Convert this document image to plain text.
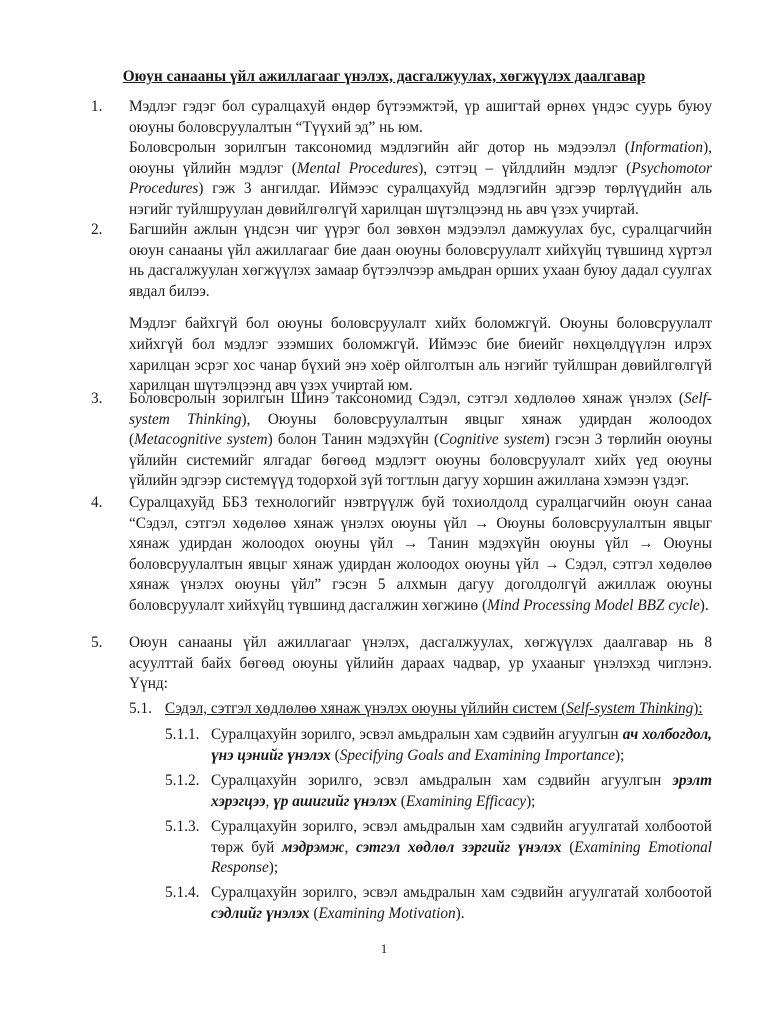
Оюун санааны үйл ажиллагааг үнэлэх, дасгалжуулах, хөгжүүлэх даалгавар
1. Мэдлэг гэдэг бол суралцахуй өндөр бүтээмжтэй, үр ашигтай өрнөх үндэс суурь буюу оюуны боловсруулалтын “Түүхий эд” нь юм.

Боловсролын зорилгын таксономид мэдлэгийн айг дотор нь мэдээлэл (Information), оюуны үйлийн мэдлэг (Mental Procedures), сэтгэц – үйлдлийн мэдлэг (Psychomotor Procedures) гэж 3 ангилдаг. Иймээс суралцахуйд мэдлэгийн эдгээр төрлүүдийн аль нэгийг туйлшруулан дөвийлгөлгүй харилцан шүтэлцээнд нь авч үзэх учиртай.

2. Багшийн ажлын үндсэн чиг үүрэг бол зөвхөн мэдээлэл дамжуулах бус, суралцагчийн оюун санааны үйл ажиллагааг бие даан оюуны боловсруулалт хийхүйц түвшинд хүртэл нь дасгалжуулан хөгжүүлэх замаар бүтээлчээр амьдран орших ухаан буюу дадал суулгах явдал билээ.

Мэдлэг байхгүй бол оюуны боловсруулалт хийх боломжгүй. Оюуны боловсруулалт хийхгүй бол мэдлэг эзэмших боломжгүй. Иймээс бие биеийг нөхцөлдүүлэн илрэх харилцан эсрэг хос чанар бүхий энэ хоёр ойлголтын аль нэгийг туйлшран дөвийлгөлгүй харилцан шүтэлцээнд авч үзэх учиртай юм.

3. Боловсролын зорилгын Шинэ таксономид Сэдэл, сэтгэл хөдлөлөө хянаж үнэлэх (Self-system Thinking), Оюуны боловсруулалтын явцыг хянаж удирдан жолоодох (Metacognitive system) болон Танин мэдэхүйн (Cognitive system) гэсэн 3 төрлийн оюуны үйлийн системийг ялгадаг бөгөөд мэдлэгт оюуны боловсруулалт хийх үед оюуны үйлийн эдгээр системүүд тодорхой зүй тогтлын дагуу хоршин ажиллана хэмээн үздэг.

4. Суралцахуйд ББЗ технологийг нэвтрүүлж буй тохиолдолд суралцагчийн оюун санаа “Сэдэл, сэтгэл хөдөлөө хянаж үнэлэх оюуны үйл → Оюуны боловсруулалтын явцыг хянаж удирдан жолоодох оюуны үйл → Танин мэдэхүйн оюуны үйл → Оюуны боловсруулалтын явцыг хянаж удирдан жолоодох оюуны үйл → Сэдэл, сэтгэл хөдөлөө хянаж үнэлэх оюуны үйл” гэсэн 5 алхмын дагуу доголдолгүй ажиллаж оюуны боловсруулалт хийхүйц түвшинд дасгалжин хөгжинө (Mind Processing Model BBZ cycle).

5. Оюун санааны үйл ажиллагааг үнэлэх, дасгалжуулах, хөгжүүлэх даалгавар нь 8 асуулттай байх бөгөөд оюуны үйлийн дараах чадвар, ур ухааныг үнэлэхэд чиглэнэ. Үүнд:

5.1. Сэдэл, сэтгэл хөдлөлөө хянаж үнэлэх оюуны үйлийн систем (Self-system Thinking):
5.1.1. Суралцахуйн зорилго, эсвэл амьдралын хам сэдвийн агуулгын ач холбогдол, үнэ цэнийг үнэлэх (Specifying Goals and Examining Importance);
5.1.2. Суралцахуйн зорилго, эсвэл амьдралын хам сэдвийн агуулгын эрэлт хэрэгцээ, үр ашигийг үнэлэх (Examining Efficacy);
5.1.3. Суралцахуйн зорилго, эсвэл амьдралын хам сэдвийн агуулгатай холбоотой төрж буй мэдрэмж, сэтгэл хөдлөл зэргийг үнэлэх (Examining Emotional Response);
5.1.4. Суралцахуйн зорилго, эсвэл амьдралын хам сэдвийн агуулгатай холбоотой сэдлийг үнэлэх (Examining Motivation).
1
